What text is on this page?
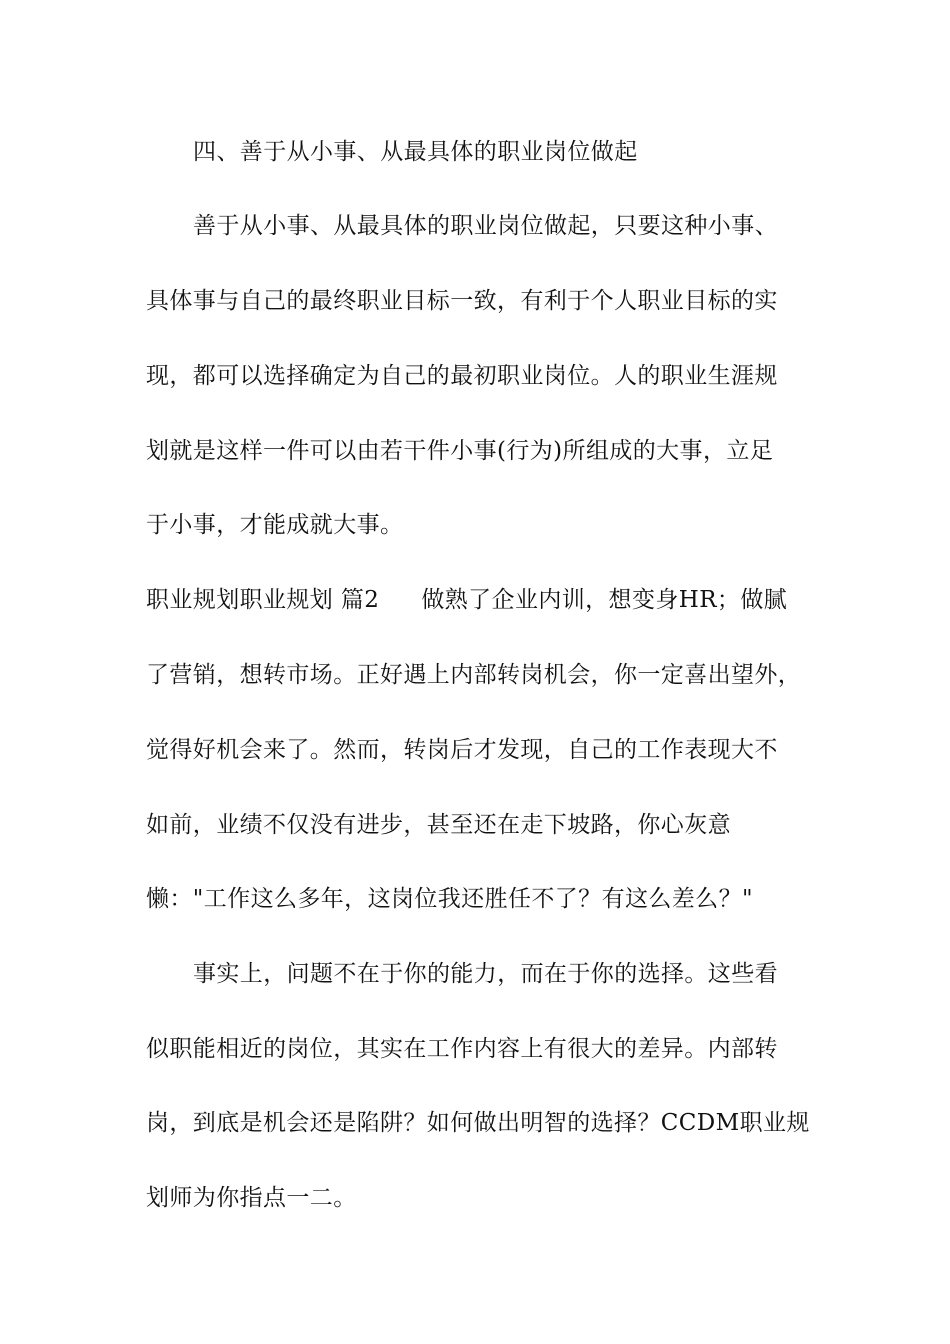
四、善于从小事、从最具体的职业岗位做起
善于从小事、从最具体的职业岗位做起，只要这种小事、
具体事与自己的最终职业目标一致，有利于个人职业目标的实
现，都可以选择确定为自己的最初职业岗位。人的职业生涯规
划就是这样一件可以由若干件小事(行为)所组成的大事，立足
于小事，才能成就大事。
职业规划职业规划 篇2 做熟了企业内训，想变身HR；做腻
了营销，想转市场。正好遇上内部转岗机会，你一定喜出望外，
觉得好机会来了。然而，转岗后才发现，自己的工作表现大不
如前，业绩不仅没有进步，甚至还在走下坡路，你心灰意
懒："工作这么多年，这岗位我还胜任不了？有这么差么？"
事实上，问题不在于你的能力，而在于你的选择。这些看
似职能相近的岗位，其实在工作内容上有很大的差异。内部转
岗，到底是机会还是陷阱？如何做出明智的选择？CCDM职业规
划师为你指点一二。
